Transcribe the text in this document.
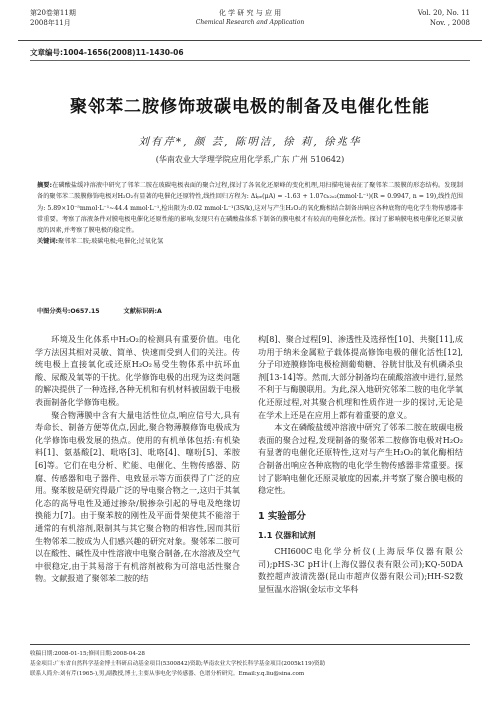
第20卷第11期
2008年11月
化 学 研 究 与 应 用
Chemical Research and Application
Vol. 20, No. 11
Nov. , 2008
文章编号:1004-1656(2008)11-1430-06
聚邻苯二胺修饰玻碳电极的制备及电催化性能
刘有芹*, 颜 芸, 陈明洁, 徐 莉, 徐兆华
(华南农业大学理学院应用化学系,广东 广州 510642)

摘要:在磷酸盐缓冲溶液中研究了邻苯二胺在玻碳电极表面的聚合过程,探讨了各氧化还原峰的变化机理,用扫描电镜表征了聚邻苯二胺膜的形态结构。发现制备的聚邻苯二胺膜修饰电极对H₂O₂有显著的电催化还原特性,线性回归方程为: Δiₚₑ(μA) = -1.63 + 1.07cₕ₂ₒ₂(mmol·L⁻¹)(R = 0.9947, n = 19),线性范围为: 5.89×10⁻⁵mmol·L⁻¹~44.4 mmol·L⁻¹,检出限为:0.02 mmol·L⁻¹(3S/k),这对与产生H₂O₂的氧化酶相结合制备出响应各种底物的电化学生物传感器非常重要。考察了溶液条件对膜电极电催化还原性能的影响,发现只有在磷酸盐体系下制备的膜电极才有较高的电催化活性。探讨了影响膜电极电催化还原灵敏度的因素,并考察了膜电极的稳定性。

关键词:聚邻苯二胺;玻碳电极;电催化;过氧化氢

中图分类号:O657.15	文献标识码:A

环境及生化体系中H₂O₂的检测具有重要价值。电化学方法因其相对灵敏、简单、快速而受到人们的关注。传统电极上直接氧化或还原H₂O₂易受生物体系中抗坏血酸、尿酸及氧等的干扰。化学修饰电极的出现为这类问题的解决提供了一种选择,各种无机和有机材料被固载于电极表面制备化学修饰电极。

聚合物薄膜中含有大量电活性位点,响应信号大,具有寿命长、制备方便等优点,因此,聚合物薄膜修饰电极成为化学修饰电极发展的热点。使用的有机单体包括:有机染料[1]、氨基酸[2]、吡咯[3]、吡咯[4]、噻吩[5]、苯胺[6]等。它们在电分析、贮能、电催化、生物传感器、防腐、传感器和电子器件、电致显示等方面获得了广泛的应用。聚苯胺是研究得最广泛的导电聚合物之一,这归于其氧化态的高导电性及通过掺杂/脱掺杂引起的导电及绝缘切换能力[7]。由于聚苯胺的刚性及平面骨架使其不能溶于通常的有机溶剂,限制其与其它聚合物的相容性,因而其衍生物邻苯二胺成为人们感兴趣的研究对象。聚邻苯二胺可以在酸性、碱性及中性溶液中电聚合制备,在水溶液及空气中很稳定,由于其易溶于有机溶剂被称为可溶电活性聚合物。文献报道了聚邻苯二胺的结

构[8]、聚合过程[9]、渗透性及选择性[10]、共聚[11],成功用于纳米金属粒子载体提高修饰电极的催化活性[12],分子印迹膜修饰电极检测葡萄糖、谷胱甘肽及有机磷杀虫剂[13-14]等。然而,大部分制备均在硫酸溶液中进行,显然不利于与酶膜联用。为此,深入地研究邻苯二胺的电化学氧化还原过程,对其聚合机理和性质作进一步的探讨,无论是在学术上还是在应用上都有着重要的意义。

本文在磷酸盐缓冲溶液中研究了邻苯二胺在玻碳电极表面的聚合过程,发现制备的聚邻苯二胺修饰电极对H₂O₂有显著的电催化还原特性,这对与产生H₂O₂的氧化酶相结合制备出响应各种底物的电化学生物传感器非常重要。探讨了影响电催化还原灵敏度的因素,并考察了聚合膜电极的稳定性。

1 实验部分
1.1 仪器和试剂

CHI600C电化学分析仪(上海辰华仪器有限公司);pHS-3C pH计(上海仪器仪表有限公司);KQ-50DA数控超声波清洗器(昆山市超声仪器有限公司);HH-S2数显恒温水浴锅(金坛市文华科

收稿日期:2008-01-15;修回日期:2008-04-28
基金项目:广东省自然科学基金博士科研启动基金项目(5300842)资助;华南农业大学校长科学基金项目(2005k119)资助
联系人简介:刘有芹(1965-),男,副教授,博士,主要从事电化学传感器、色谱分析研究。Email:y.q.liu@sina.com
